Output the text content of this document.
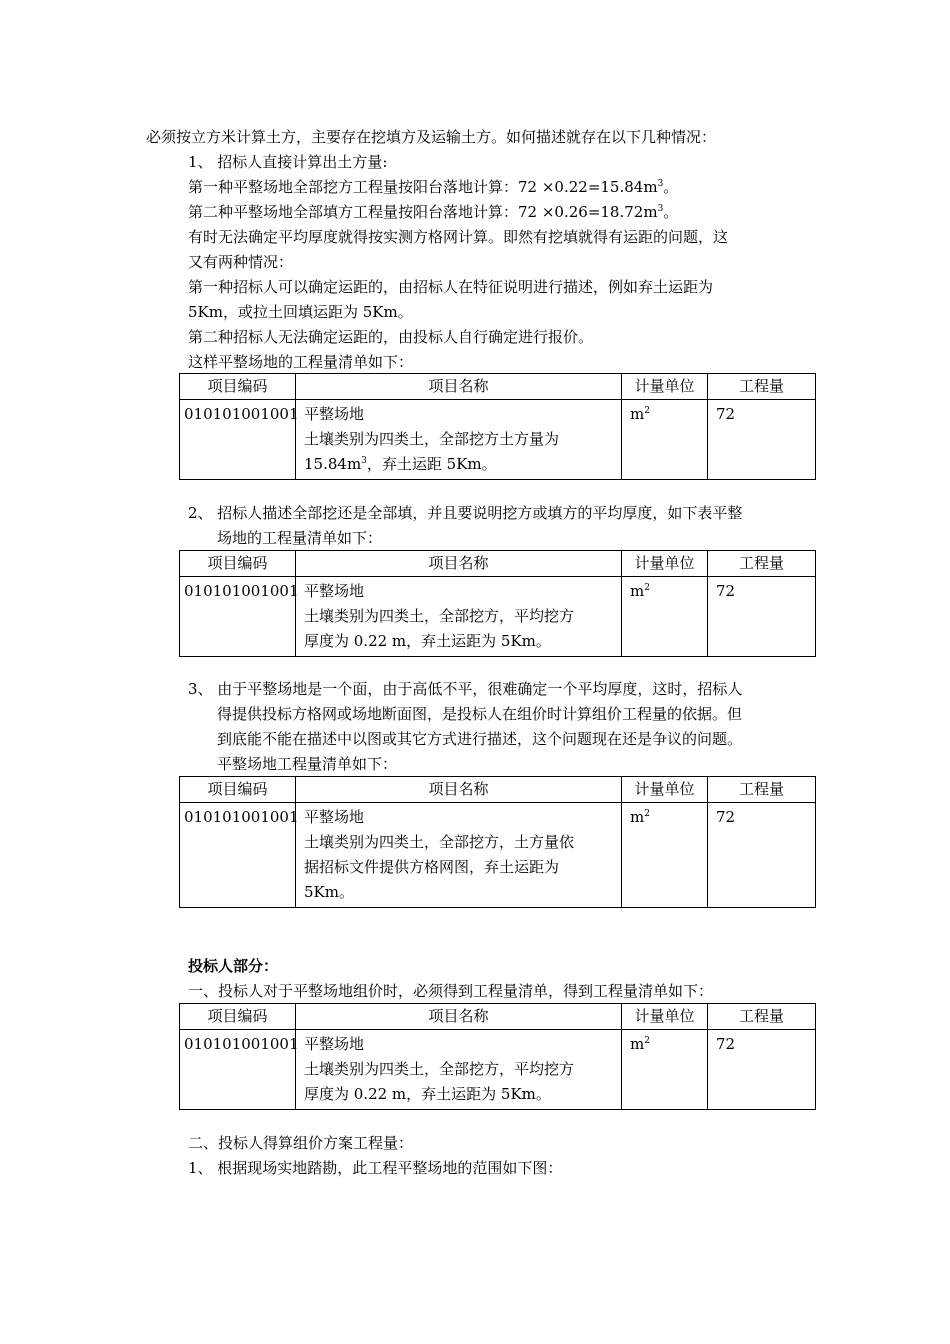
必须按立方米计算土方，主要存在挖填方及运输土方。如何描述就存在以下几种情况：
1、 招标人直接计算出土方量:
第一种平整场地全部挖方工程量按阳台落地计算：$72 \times 0.22=15.84m^3$。
第二种平整场地全部填方工程量按阳台落地计算：$72 \times 0.26=18.72m^3$。
有时无法确定平均厚度就得按实测方格网计算。即然有挖填就得有运距的问题，这
又有两种情况：
第一种招标人可以确定运距的，由招标人在特征说明进行描述，例如弃土运距为
5Km，或拉土回填运距为 5Km。
第二种招标人无法确定运距的，由投标人自行确定进行报价。
这样平整场地的工程量清单如下：
项目编码	项目名称	计量单位	工程量
010101001001	平整场地
土壤类别为四类土，全部挖方土方量为
$15.84m^3$，弃土运距 5Km。	$m^2$	72
2、 招标人描述全部挖还是全部填，并且要说明挖方或填方的平均厚度，如下表平整
场地的工程量清单如下：
项目编码	项目名称	计量单位	工程量
010101001001	平整场地
土壤类别为四类土，全部挖方，平均挖方
厚度为 0.22 m，弃土运距为 5Km。	$m^2$	72
3、 由于平整场地是一个面，由于高低不平，很难确定一个平均厚度，这时，招标人
得提供投标方格网或场地断面图，是投标人在组价时计算组价工程量的依据。但
到底能不能在描述中以图或其它方式进行描述，这个问题现在还是争议的问题。
平整场地工程量清单如下：
项目编码	项目名称	计量单位	工程量
010101001001	平整场地
土壤类别为四类土，全部挖方，土方量依
据招标文件提供方格网图，弃土运距为
5Km。	$m^2$	72
投标人部分：
一、投标人对于平整场地组价时，必须得到工程量清单，得到工程量清单如下：
项目编码	项目名称	计量单位	工程量
010101001001	平整场地
土壤类别为四类土，全部挖方，平均挖方
厚度为 0.22 m，弃土运距为 5Km。	$m^2$	72
二、投标人得算组价方案工程量：
1、 根据现场实地踏勘，此工程平整场地的范围如下图：
